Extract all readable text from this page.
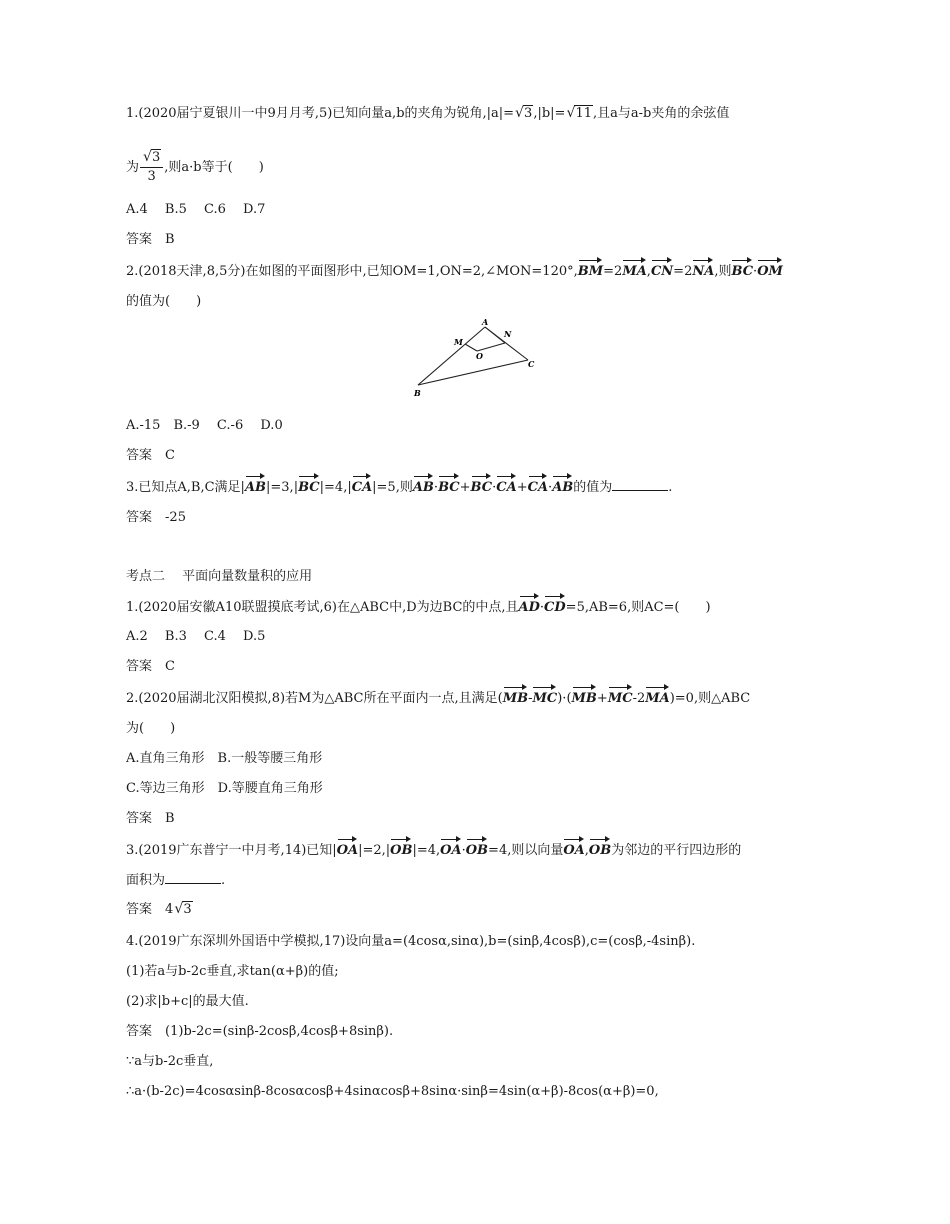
1.(2020届宁夏银川一中9月月考,5)已知向量a,b的夹角为锐角,|a|= √ 3,|b|= √ 11,且a与a-b夹角的余弦值
为 $\frac{√ 3}{3}$ ,则a·b等于(　　)
A.4　 B.5　 C.6　 D.7
答案　 B
2.(2018天津,8,5分)在如图的平面图形中,已知OM=1,ON=2,∠MON=120°,BM=2MA,CN=2NA,则BC·OM
的值为(　　)
A
N
M
O
C
B
A.-15　B.-9　 C.-6　 D.0
答案　 C
3.已知点A,B,C满足|AB|=3,|BC|=4,|CA|=5,则AB·BC+BC·CA+CA·AB的值为	.
答案　 -25
考点二　 平面向量数量积的应用
1.(2020届安徽A10联盟摸底考试,6)在△ABC中,D为边BC的中点,且AD·CD=5,AB=6,则AC=(　　)
A.2　 B.3　 C.4　 D.5
答案　 C
2.(2020届湖北汉阳模拟,8)若M为△ABC所在平面内一点,且满足(MB-MC)·(MB+MC-2MA)=0,则△ABC
为(　　)
A.直角三角形　B.一般等腰三角形
C.等边三角形　D.等腰直角三角形
答案　 B
3.(2019广东普宁一中月考,14)已知|OA|=2,|OB|=4,OA·OB=4,则以向量OA,OB为邻边的平行四边形的
面积为	.
答案　 4 √ 3
4.(2019广东深圳外国语中学模拟,17)设向量a=(4cosα,sinα),b=(sinβ,4cosβ),c=(cosβ,-4sinβ).
(1)若a与b-2c垂直,求tan(α+β)的值;
(2)求|b+c|的最大值.
答案　 (1)b-2c=(sinβ-2cosβ,4cosβ+8sinβ).
∵a与b-2c垂直,
∴a·(b-2c)=4cosαsinβ-8cosαcosβ+4sinαcosβ+8sinα·sinβ=4sin(α+β)-8cos(α+β)=0,
